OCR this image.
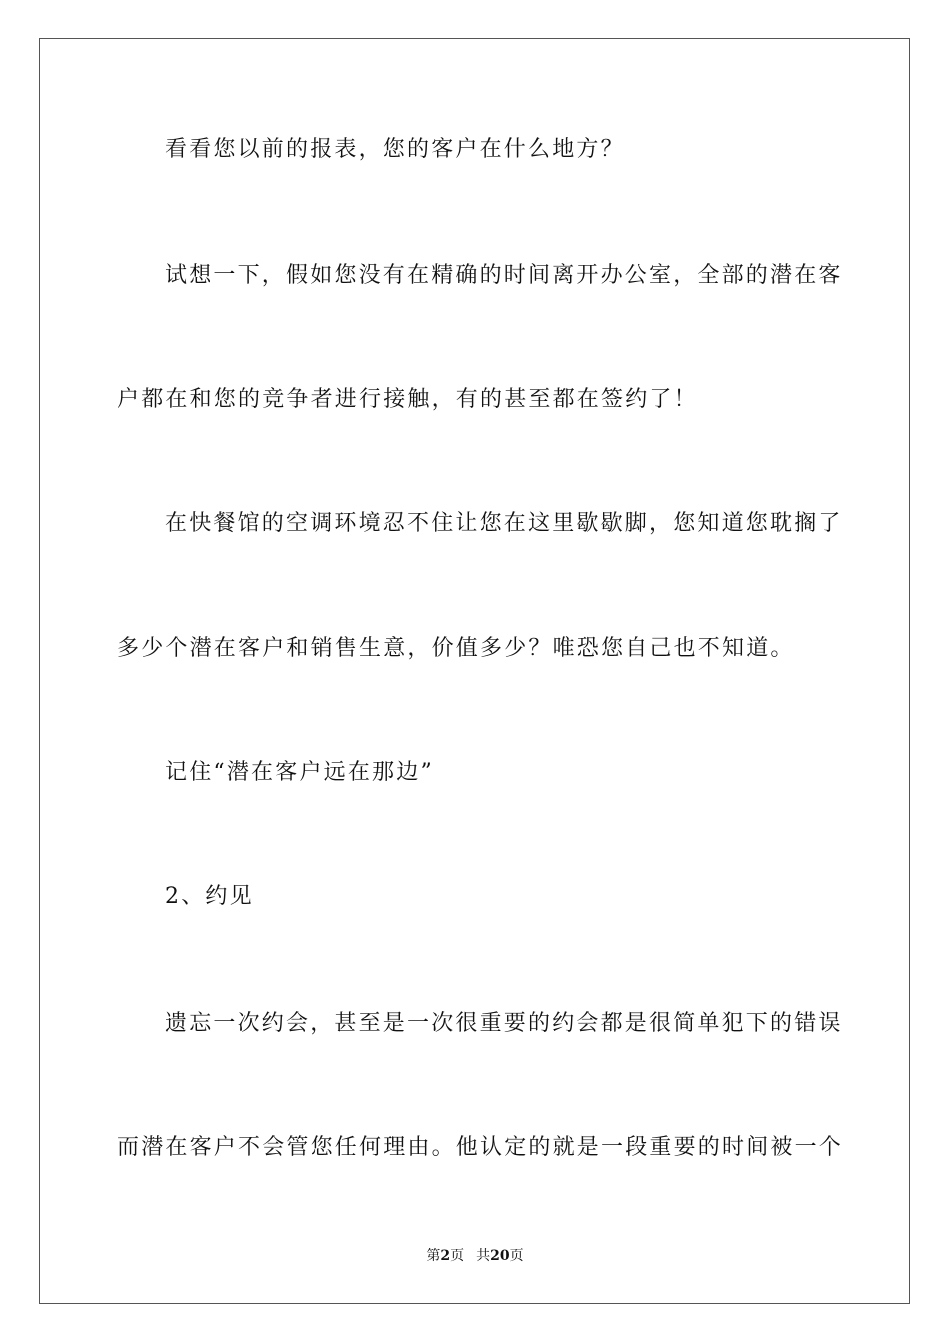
看看您以前的报表，您的客户在什么地方？
试想一下，假如您没有在精确的时间离开办公室，全部的潜在客
户都在和您的竞争者进行接触，有的甚至都在签约了！
在快餐馆的空调环境忍不住让您在这里歇歇脚，您知道您耽搁了
多少个潜在客户和销售生意，价值多少？唯恐您自己也不知道。
记住“潜在客户远在那边”
2、约见
遗忘一次约会，甚至是一次很重要的约会都是很简单犯下的错误
而潜在客户不会管您任何理由。他认定的就是一段重要的时间被一个
第2页 共20页
